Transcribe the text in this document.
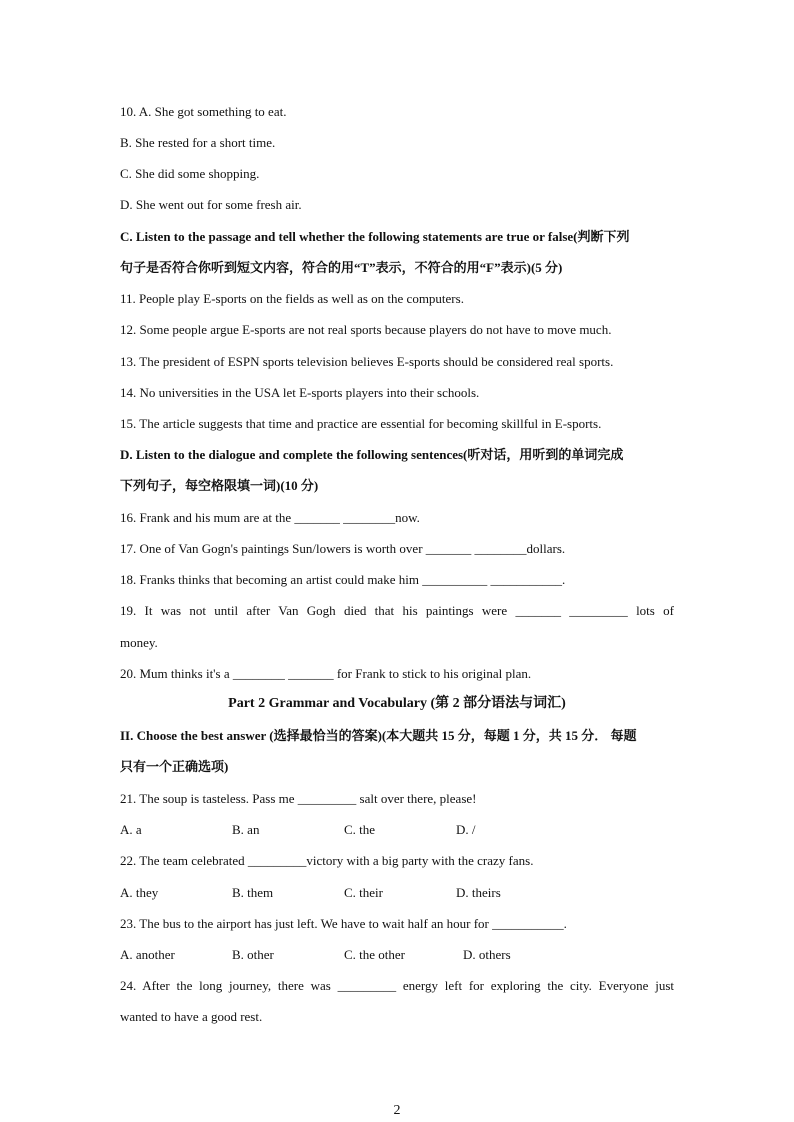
10. A. She got something to eat.
B. She rested for a short time.
C. She did some shopping.
D. She went out for some fresh air.
C. Listen to the passage and tell whether the following statements are true or false(判断下列
句子是否符合你听到短文内容，符合的用“T”表示，不符合的用“F”表示)(5 分)
11. People play E-sports on the fields as well as on the computers.
12. Some people argue E-sports are not real sports because players do not have to move much.
13. The president of ESPN sports television believes E-sports should be considered real sports.
14. No universities in the USA let E-sports players into their schools.
15. The article suggests that time and practice are essential for becoming skillful in E-sports.
D. Listen to the dialogue and complete the following sentences(听对话，用听到的单词完成
下列句子，每空格限填一词)(10 分)
16. Frank and his mum are at the _______ ________now.
17. One of Van Gogn's paintings Sun/lowers is worth over _______ ________dollars.
18. Franks thinks that becoming an artist could make him __________ ___________.
19. It was not until after Van Gogh died that his paintings were _______ _________ lots of
money.
20. Mum thinks it's a ________ _______ for Frank to stick to his original plan.
Part 2 Grammar and Vocabulary (第 2 部分语法与词汇)
II. Choose the best answer (选择最恰当的答案)(本大题共 15 分，每题 1 分，共 15 分． 每题
只有一个正确选项)
21. The soup is tasteless. Pass me _________ salt over there, please!
A. a	B. an	C. the	D. /
22. The team celebrated _________victory with a big party with the crazy fans.
A. they	B. them	C. their	D. theirs
23. The bus to the airport has just left. We have to wait half an hour for ___________.
A. another	B. other	C. the other	D. others
24. After the long journey, there was _________ energy left for exploring the city. Everyone just
wanted to have a good rest.
2
